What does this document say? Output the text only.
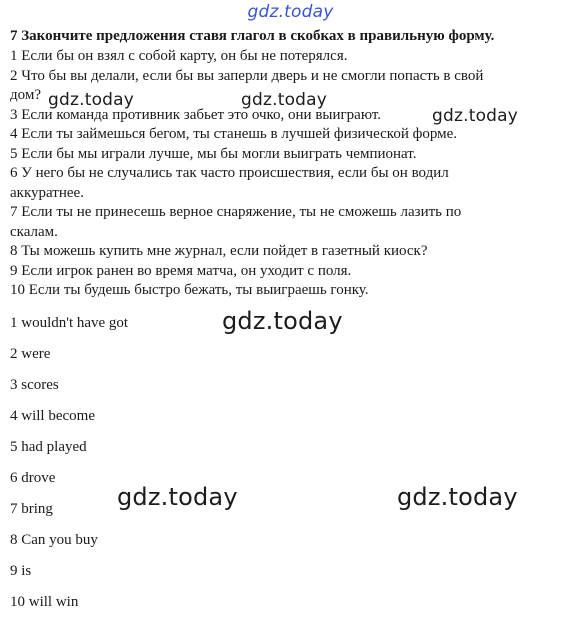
gdz.today
7 Закончите предложения ставя глагол в скобках в правильную форму.
1 Если бы он взял с собой карту, он бы не потерялся.
2 Что бы вы делали, если бы вы заперли дверь и не смогли попасть в свой
дом?
3 Если команда противник забьет это очко, они выиграют.
4 Если ты займешься бегом, ты станешь в лучшей физической форме.
5 Если бы мы играли лучше, мы бы могли выиграть чемпионат.
6 У него бы не случались так часто происшествия, если бы он водил
аккуратнее.
7 Если ты не принесешь верное снаряжение, ты не сможешь лазить по
скалам.
8 Ты можешь купить мне журнал, если пойдет в газетный киоск?
9 Если игрок ранен во время матча, он уходит с поля.
10 Если ты будешь быстро бежать, ты выиграешь гонку.
1 wouldn't have got
2 were
3 scores
4 will become
5 had played
6 drove
7 bring
8 Can you buy
9 is
10 will win
gdz.today	gdz.today
gdz.today
gdz.today
gdz.today	gdz.today
